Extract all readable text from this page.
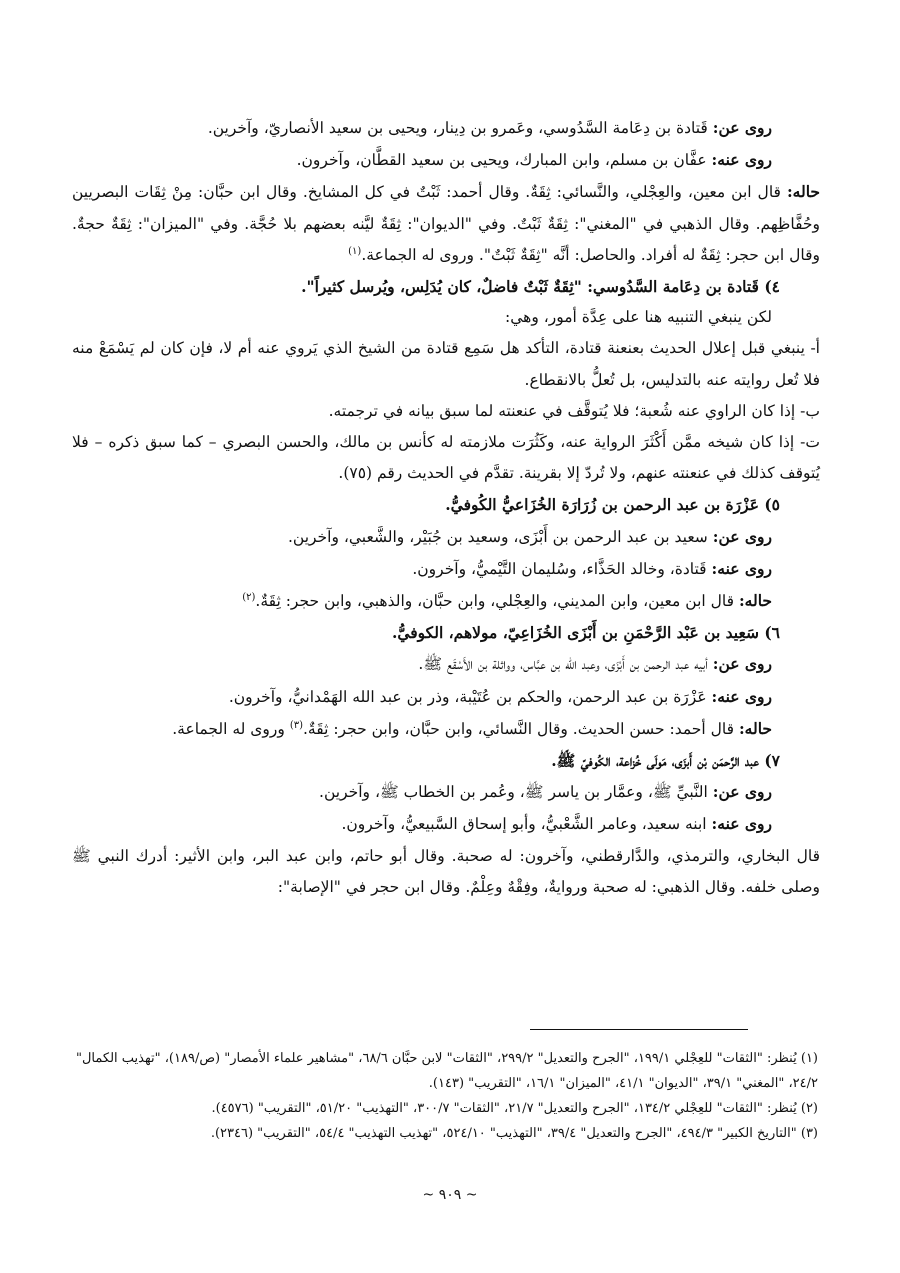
روى عن: قَتادة بن دِعَامة السَّدُوسي، وعَمرو بن دِينار، ويحيى بن سعيد الأنصاريّ، وآخرين.

روى عنه: عفَّان بن مسلم، وابن المبارك، ويحيى بن سعيد القطَّان، وآخرون.

حاله: قال ابن معين، والعِجْلي، والنَّسائي: ثِقَةٌ. وقال أحمد: ثَبْتٌ في كل المشايخ. وقال ابن حبَّان: مِنْ ثِقَات البصريين وحُفَّاظِهم. وقال الذهبي في "المغني": ثِقَةٌ ثَبْتٌ. وفي "الديوان": ثِقَةٌ ليَّنه بعضهم بلا حُجَّة. وفي "الميزان": ثِقَةٌ حجةٌ. وقال ابن حجر: ثِقَةٌ له أفراد. والحاصل: أنَّه "ثِقَةٌ ثَبْتٌ". وروى له الجماعة.$^{(١)}$

٤) قَتادة بن دِعَامة السَّدُوسي: "ثِقَةٌ ثَبْتٌ فاضلٌ، كان يُدَلِس، ويُرسل كثيراً".

لكن ينبغي التنبيه هنا على عِدَّة أمور، وهي:

أ- ينبغي قبل إعلال الحديث بعنعنة قتادة، التأكد هل سَمِع قتادة من الشيخ الذي يَروي عنه أم لا، فإن كان لم يَسْمَعْ منه فلا تُعل روايته عنه بالتدليس، بل تُعلُّ بالانقطاع.

ب- إذا كان الراوي عنه شُعبة؛ فلا يُتوقَّف في عنعنته لما سبق بيانه في ترجمته.

ت- إذا كان شيخه ممَّن أَكْثَرَ الرواية عنه، وكَثُرَت ملازمته له كأنس بن مالك، والحسن البصري – كما سبق ذكره – فلا يُتوقف كذلك في عنعنته عنهم، ولا تُردّ إلا بقرينة. تقدَّم في الحديث رقم (٧٥).

٥) عَزْرَة بن عبد الرحمن بن زُرَارَة الخُزَاعيُّ الكُوفيُّ.

روى عن: سعيد بن عبد الرحمن بن أَبْزَى، وسعيد بن جُبَيْر، والشَّعبي، وآخرين.

روى عنه: قَتادة، وخالد الحَذَّاء، وسُليمان التَّيْميُّ، وآخرون.

حاله: قال ابن معين، وابن المديني، والعِجْلي، وابن حبَّان، والذهبي، وابن حجر: ثِقَةٌ.$^{(٢)}$

٦) سَعِيد بن عَبْد الرَّحْمَنِ بن أَبْزَى الخُزَاعِيّ، مولاهم، الكوفيُّ.

روى عن: أبيه عبد الرحمن بن أَبْزَى، وعبد الله بن عبَّاس، وواثلة بن الأَسْقَع ﷺ.

روى عنه: عَزْرَة بن عبد الرحمن، والحكم بن عُتَيْبة، وذر بن عبد الله الهَمْدانيُّ، وآخرون.

حاله: قال أحمد: حسن الحديث. وقال النَّسائي، وابن حبَّان، وابن حجر: ثِقَةٌ.$^{(٣)}$ وروى له الجماعة.

٧) عبد الرَّحمَن بْن أَبزَى، مَولَى خُزاعة، الكُوفيّ ﷺ.

روى عن: النَّبيِّ ﷺ، وعمَّار بن ياسر ﷺ، وعُمر بن الخطاب ﷺ، وآخرين.

روى عنه: ابنه سعيد، وعامر الشَّعْبيُّ، وأبو إسحاق السَّبيعيُّ، وآخرون.

قال البخاري، والترمذي، والدَّارقطني، وآخرون: له صحبة. وقال أبو حاتم، وابن عبد البر، وابن الأثير: أدرك النبي ﷺ وصلى خلفه. وقال الذهبي: له صحبة وروايةٌ، وفِقْهٌ وعِلْمٌ. وقال ابن حجر في "الإصابة":

(١) يُنظر: "الثقات" للعِجْلي ١٩٩/١، "الجرح والتعديل" ٢٩٩/٢، "الثقات" لابن حبَّان ٦٨/٦، "مشاهير علماء الأمصار" (ص/١٨٩)، "تهذيب الكمال" ٢٤/٢، "المغني" ٣٩/١، "الديوان" ٤١/١، "الميزان" ١٦/١، "التقريب" (١٤٣).

(٢) يُنظر: "الثقات" للعِجْلي ١٣٤/٢، "الجرح والتعديل" ٢١/٧، "الثقات" ٣٠٠/٧، "التهذيب" ٥١/٢٠، "التقريب" (٤٥٧٦).

(٣) "التاريخ الكبير" ٤٩٤/٣، "الجرح والتعديل" ٣٩/٤، "التهذيب" ٥٢٤/١٠، "تهذيب التهذيب" ٥٤/٤، "التقريب" (٢٣٤٦).

~ ٩٠٩ ~
